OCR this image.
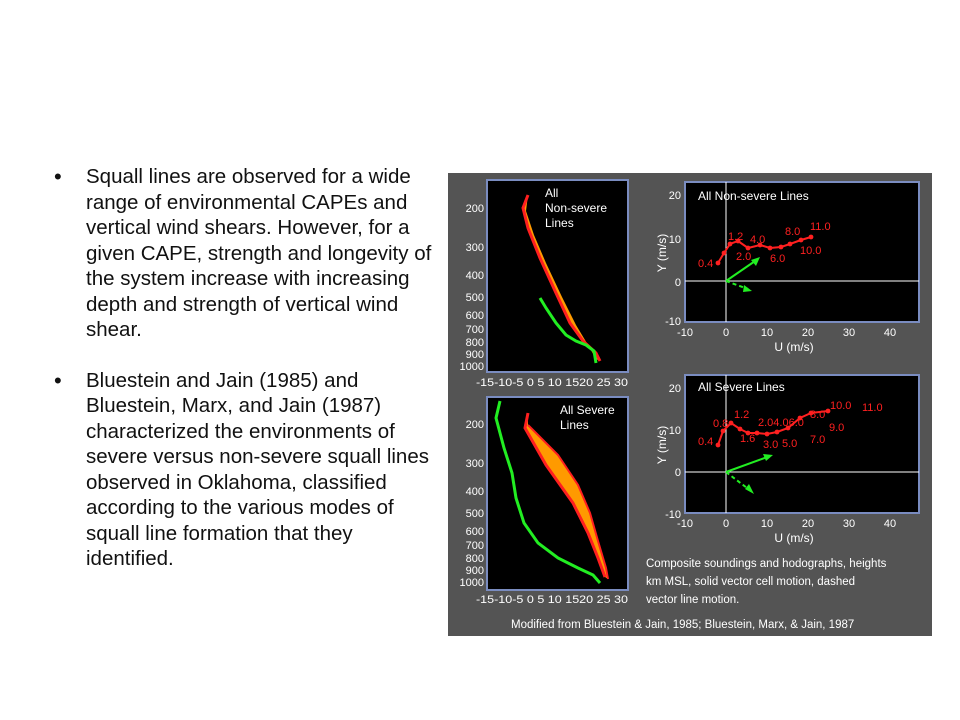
• Squall lines are observed for a wide range of environmental CAPEs and vertical wind shears. However, for a given CAPE, strength and longevity of the system increase with increasing depth and strength of vertical wind shear.
• Bluestein and Jain (1985) and Bluestein, Marx, and Jain (1987) characterized the environments of severe versus non-severe squall lines observed in Oklahoma, classified according to the various modes of squall line formation that they identified.
200
300
400
500
600
700
800
900
1000
-15-10-5 0 5 10 1520 25 30
All
Non-severe
Lines
200
300
400
500
600
700
800
900
1000
-15-10-5 0 5 10 1520 25 30
All Severe
Lines
20
10
0
-10
-10	0	10	20	30	40
U (m/s)
Y (m/s)
All Non-severe Lines
0.4
1.2
2.0
4.0
6.0
8.0 11.0
10.0
20
10
0
-10
-10	0	10	20	30	40
U (m/s)
Y (m/s)
All Severe Lines
0.4
0.8
1.2
1.6
2.04.06.0
3.0 5.0 7.0
8.0
10.0 11.0
9.0
Composite soundings and hodographs, heights
km MSL, solid vector cell motion, dashed
vector line motion.
Modified from Bluestein & Jain, 1985; Bluestein, Marx, & Jain, 1987
